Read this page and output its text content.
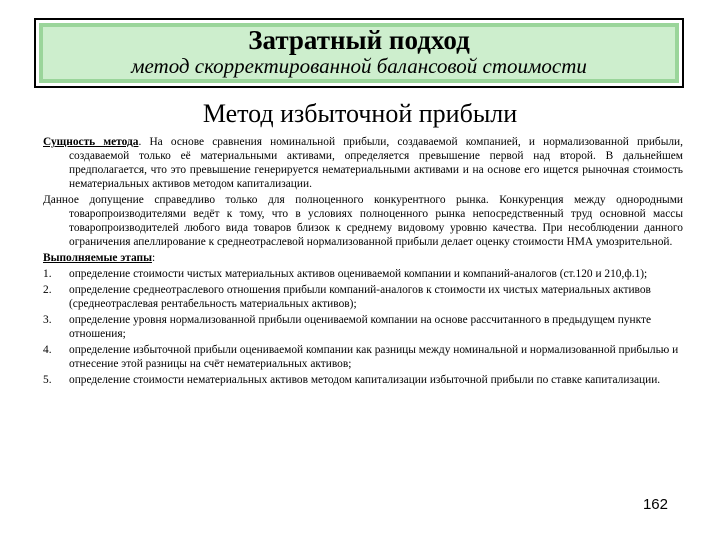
Затратный подход
метод скорректированной балансовой стоимости
Метод избыточной прибыли

Сущность метода. На основе сравнения номинальной прибыли, создаваемой компанией, и нормализованной прибыли, создаваемой только её материальными активами, определяется превышение первой над второй. В дальнейшем предполагается, что это превышение генерируется нематериальными активами и на основе его ищется рыночная стоимость нематериальных активов методом капитализации.

Данное допущение справедливо только для полноценного конкурентного рынка. Конкуренция между однородными товаропроизводителями ведёт к тому, что в условиях полноценного рынка непосредственный труд основной массы товаропроизводителей любого вида товаров близок к среднему видовому уровню качества. При несоблюдении данного ограничения апеллирование к среднеотраслевой нормализованной прибыли делает оценку стоимости НМА умозрительной.

Выполняемые этапы:

1.	определение стоимости чистых материальных активов оцениваемой компании и компаний-аналогов (ст.120 и 210,ф.1);
2.	определение среднеотраслевого отношения прибыли компаний-аналогов к стоимости их чистых материальных активов (среднеотраслевая рентабельность материальных активов);
3.	определение уровня нормализованной прибыли оцениваемой компании на основе рассчитанного в предыдущем пункте отношения;
4.	определение избыточной прибыли оцениваемой компании как разницы между номинальной и нормализованной прибылью и отнесение этой разницы на счёт нематериальных активов;
5.	определение стоимости нематериальных активов методом капитализации избыточной прибыли по ставке капитализации.
162
